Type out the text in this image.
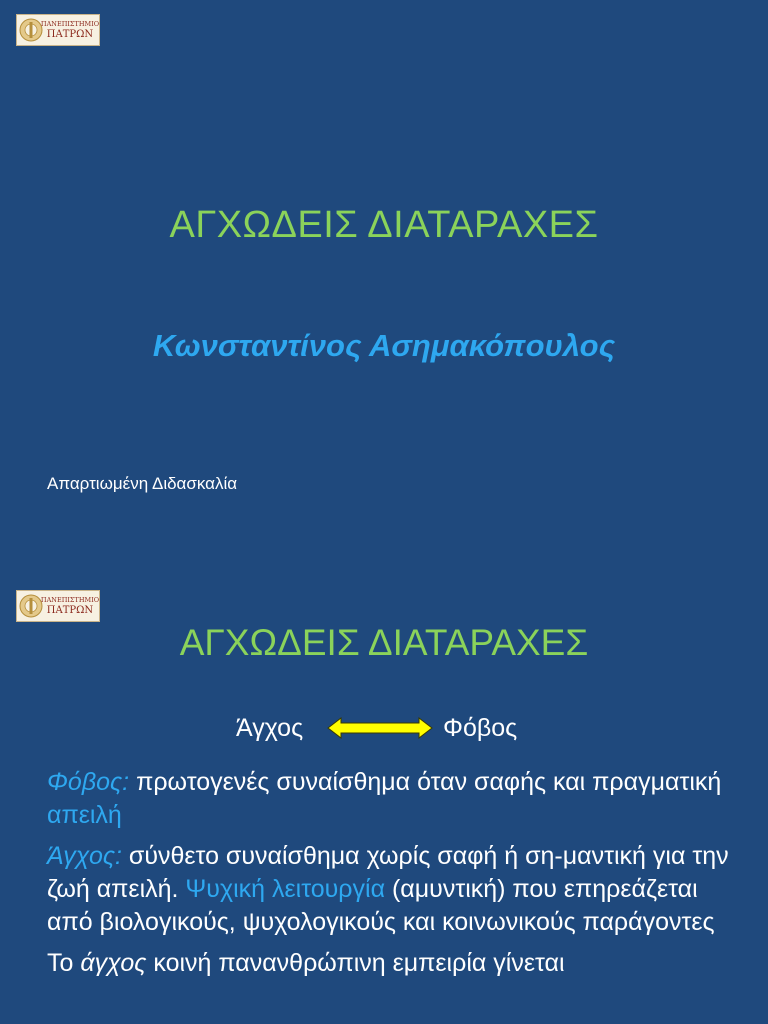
ΠΑΝΕΠΙΣΤΗΜΙΟ
ΠΑΤΡΩΝ
ΑΓΧΩΔΕΙΣ ΔΙΑΤΑΡΑΧΕΣ
Κωνσταντίνος Ασημακόπουλος
Απαρτιωμένη Διδασκαλία
ΠΑΝΕΠΙΣΤΗΜΙΟ
ΠΑΤΡΩΝ
ΑΓΧΩΔΕΙΣ ΔΙΑΤΑΡΑΧΕΣ
Άγχος	Φόβος

Φόβος: πρωτογενές συναίσθημα όταν σαφής και πραγματική απειλή

Άγχος: σύνθετο συναίσθημα χωρίς σαφή ή ση-μαντική για την ζωή απειλή. Ψυχική λειτουργία (αμυντική) που επηρεάζεται από βιολογικούς, ψυχολογικούς και κοινωνικούς παράγοντες

Το άγχος κοινή πανανθρώπινη εμπειρία γίνεται
